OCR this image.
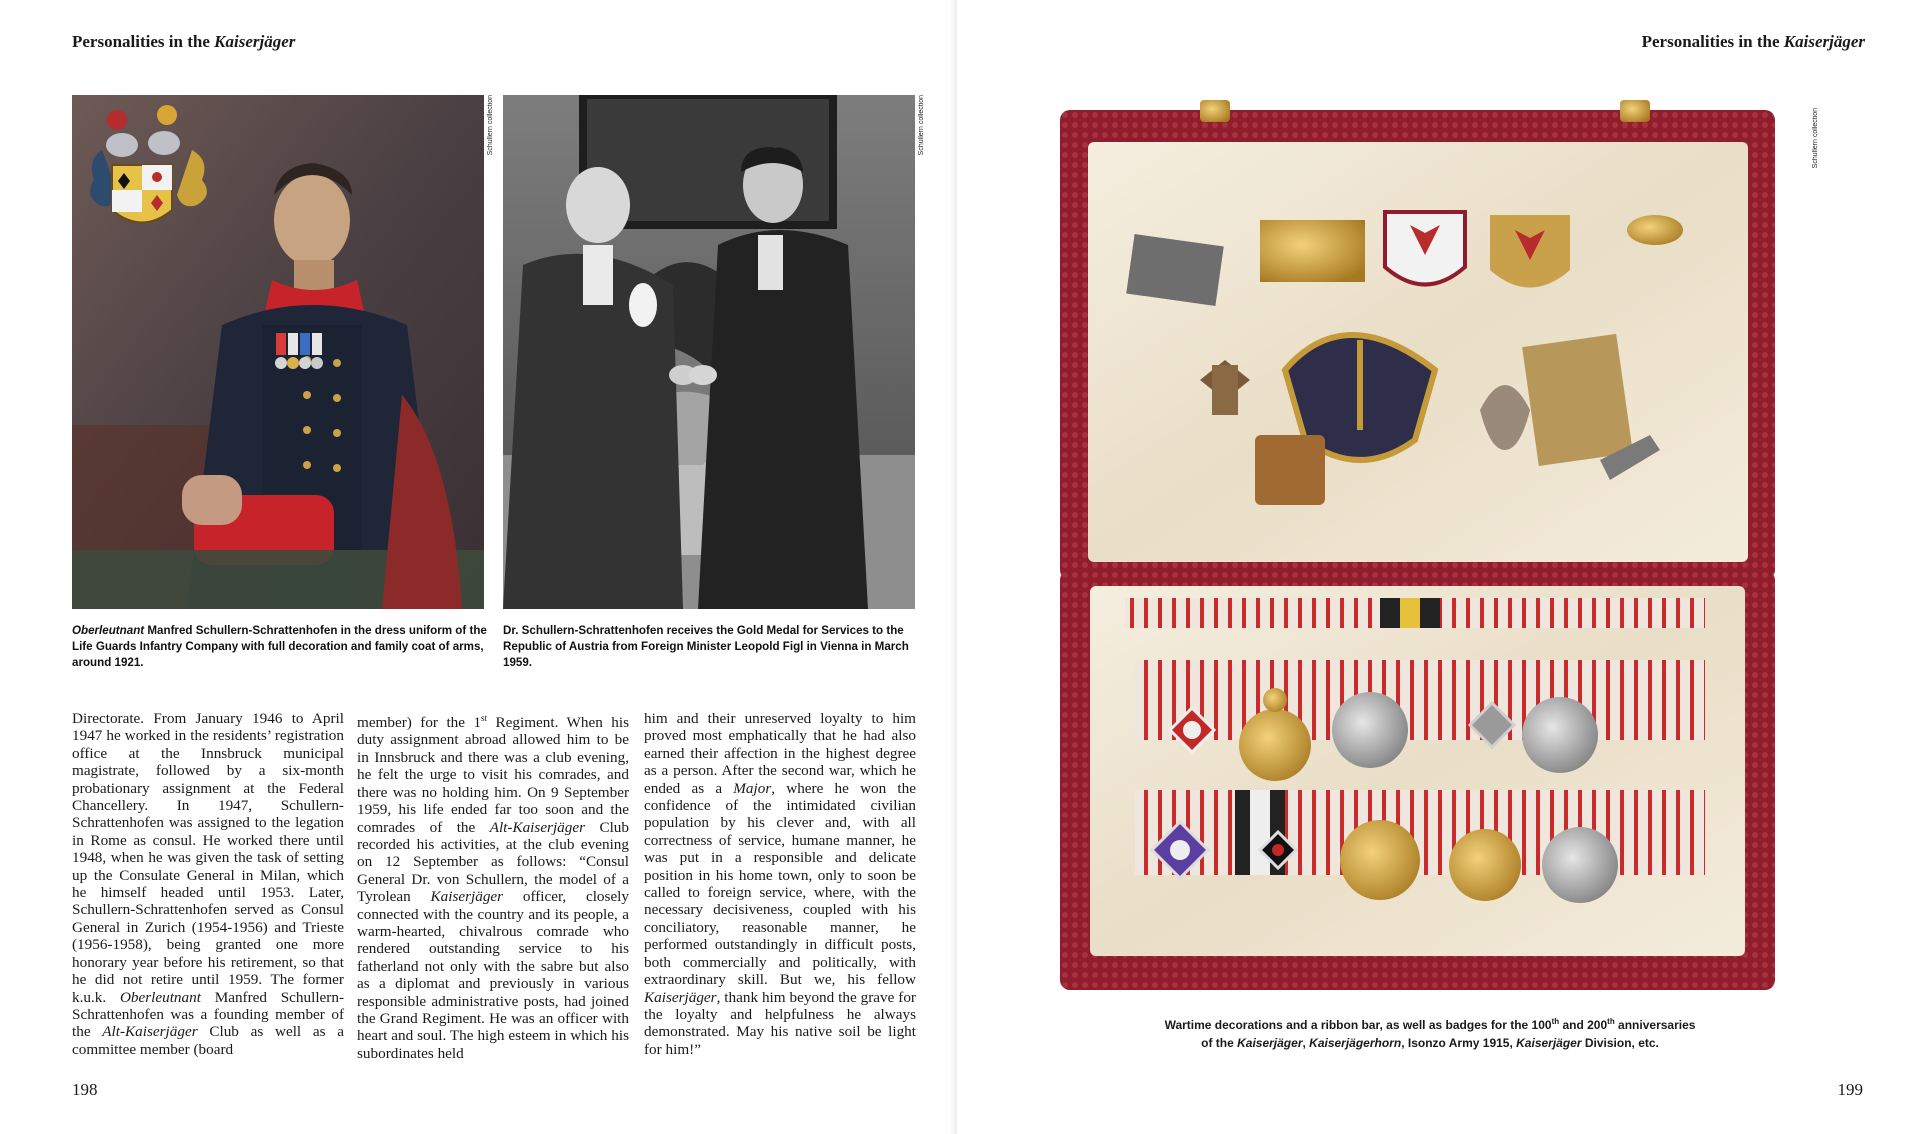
Personalities in the Kaiserjäger
Schullern collection	Schullern collection
Oberleutnant Manfred Schullern-Schrattenhofen in the dress uniform of the Life Guards Infantry Company with full decoration and family coat of arms, around 1921.
Dr. Schullern-Schrattenhofen receives the Gold Medal for Services to the Republic of Austria from Foreign Minister Leopold Figl in Vienna in March 1959.
Directorate. From January 1946 to April 1947 he worked in the residents’ registration office at the Innsbruck municipal magistrate, followed by a six-month probationary assignment at the Federal Chancellery. In 1947, Schullern-Schrattenhofen was assigned to the legation in Rome as consul. He worked there until 1948, when he was given the task of setting up the Consulate General in Milan, which he himself headed until 1953. Later, Schullern-Schrattenhofen served as Consul General in Zurich (1954-1956) and Trieste (1956-1958), being granted one more honorary year before his retirement, so that he did not retire until 1959. The former k.u.k. Oberleutnant Manfred Schullern-Schrattenhofen was a founding member of the Alt-Kaiserjäger Club as well as a committee member (board
member) for the 1st Regiment. When his duty assignment abroad allowed him to be in Innsbruck and there was a club evening, he felt the urge to visit his comrades, and there was no holding him. On 9 September 1959, his life ended far too soon and the comrades of the Alt-Kaiserjäger Club recorded his activities, at the club evening on 12 September as follows: “Consul General Dr. von Schullern, the model of a Tyrolean Kaiserjäger officer, closely connected with the country and its people, a warm-hearted, chivalrous comrade who rendered outstanding service to his fatherland not only with the sabre but also as a diplomat and previously in various responsible administrative posts, had joined the Grand Regiment. He was an officer with heart and soul. The high esteem in which his subordinates held
him and their unreserved loyalty to him proved most emphatically that he had also earned their affection in the highest degree as a person. After the second war, which he ended as a Major, where he won the confidence of the intimidated civilian population by his clever and, with all correctness of service, humane manner, he was put in a responsible and delicate position in his home town, only to soon be called to foreign service, where, with the necessary decisiveness, coupled with his conciliatory, reasonable manner, he performed outstandingly in difficult posts, both commercially and politically, with extraordinary skill. But we, his fellow Kaiserjäger, thank him beyond the grave for the loyalty and helpfulness he always demonstrated. May his native soil be light for him!”
198
Personalities in the Kaiserjäger
Schullern collection
199
Wartime decorations and a ribbon bar, as well as badges for the 100th and 200th anniversaries
of the Kaiserjäger, Kaiserjägerhorn, Isonzo Army 1915, Kaiserjäger Division, etc.
